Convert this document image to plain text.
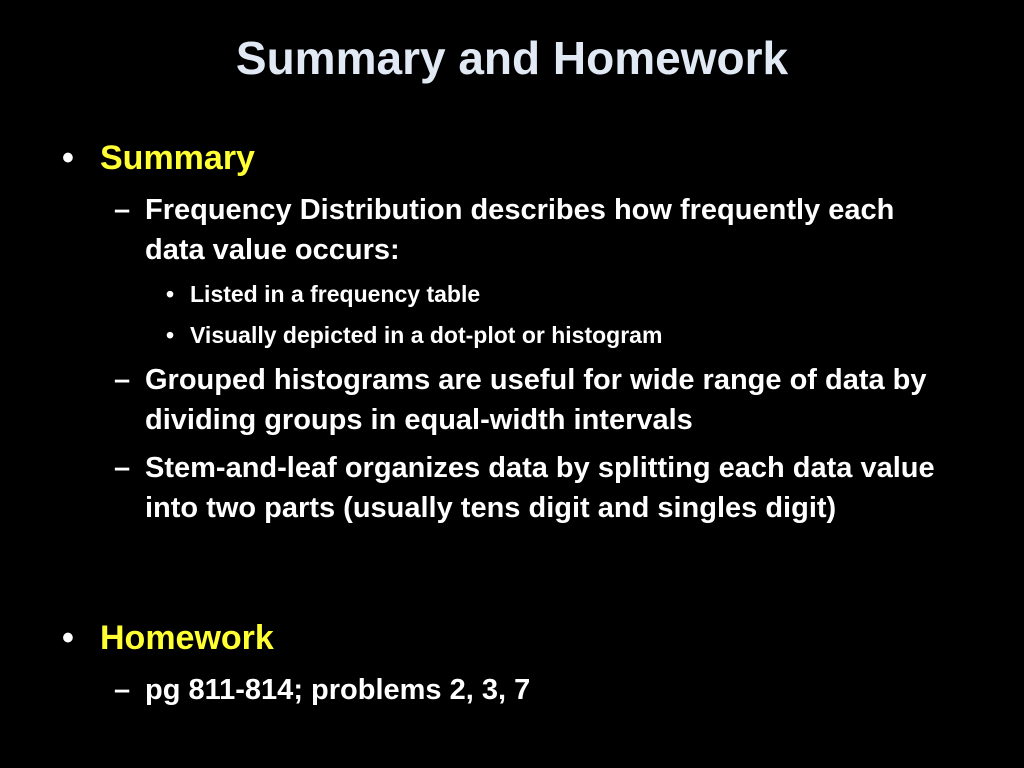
Summary and Homework
• Summary
– Frequency Distribution describes how frequently each data value occurs:
• Listed in a frequency table
• Visually depicted in a dot-plot or histogram
– Grouped histograms are useful for wide range of data by dividing groups in equal-width intervals
– Stem-and-leaf organizes data by splitting each data value into two parts (usually tens digit and singles digit)
• Homework
– pg 811-814; problems 2, 3, 7
